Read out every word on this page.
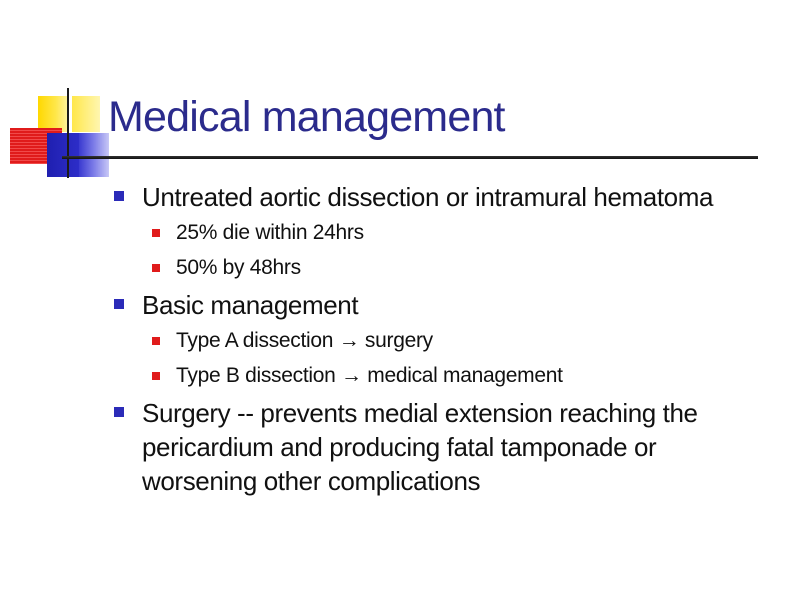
Medical management
Untreated aortic dissection or intramural hematoma
25% die within 24hrs
50% by 48hrs
Basic management
Type A dissection → surgery
Type B dissection → medical management
Surgery -- prevents medial extension reaching the pericardium and producing fatal tamponade or worsening other complications
